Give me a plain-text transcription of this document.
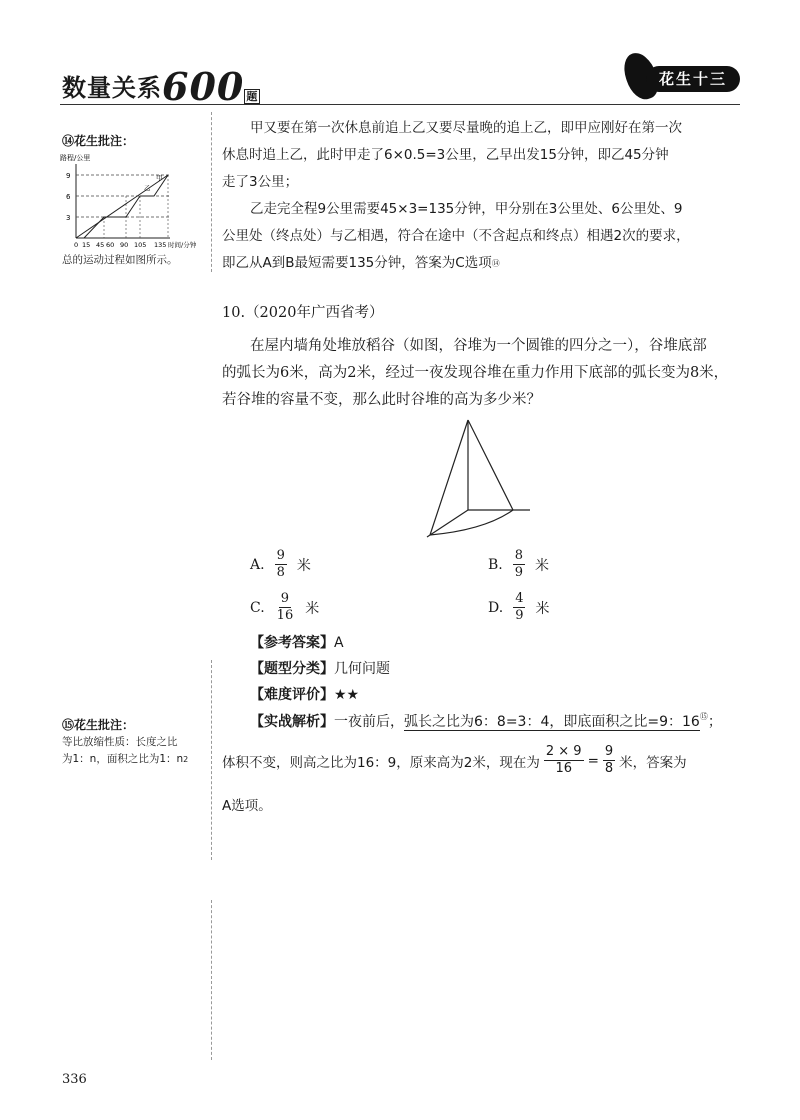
数量关系600 题
花生十三
⑭花生批注：
路程/公里
9
6
3
甲
乙
0 15 45 60 90 105 135 时间/分钟
总的运动过程如图所示。
⑮花生批注：
等比放缩性质：长度之比
为1：n，面积之比为1：$n^2$
甲又要在第一次休息前追上乙又要尽量晚的追上乙，即甲应刚好在第一次
休息时追上乙，此时甲走了6×0.5=3公里，乙早出发15分钟，即乙45分钟
走了3公里；
乙走完全程9公里需要45×3=135分钟，甲分别在3公里处、6公里处、9
公里处（终点处）与乙相遇，符合在途中（不含起点和终点）相遇2次的要求，
即乙从A到B最短需要135分钟，答案为C选项⑭
10.（2020年广西省考）
在屋内墙角处堆放稻谷（如图，谷堆为一个圆锥的四分之一），谷堆底部
的弧长为6米，高为2米，经过一夜发现谷堆在重力作用下底部的弧长变为8米，
若谷堆的容量不变，那么此时谷堆的高为多少米？
A. $\frac{9}{8}$ 米	B. $\frac{8}{9}$ 米
C. $\frac{9}{16}$ 米	D. $\frac{4}{9}$ 米
【参考答案】A
【题型分类】几何问题
【难度评价】★★
【实战解析】一夜前后，弧长之比为6：8=3：4，即底面积之比=9：16⑮；
体积不变，则高之比为16：9，原来高为2米，现在为 $\frac{2 \times 9}{16} = \frac{9}{8}$ 米，答案为
A选项。
336
